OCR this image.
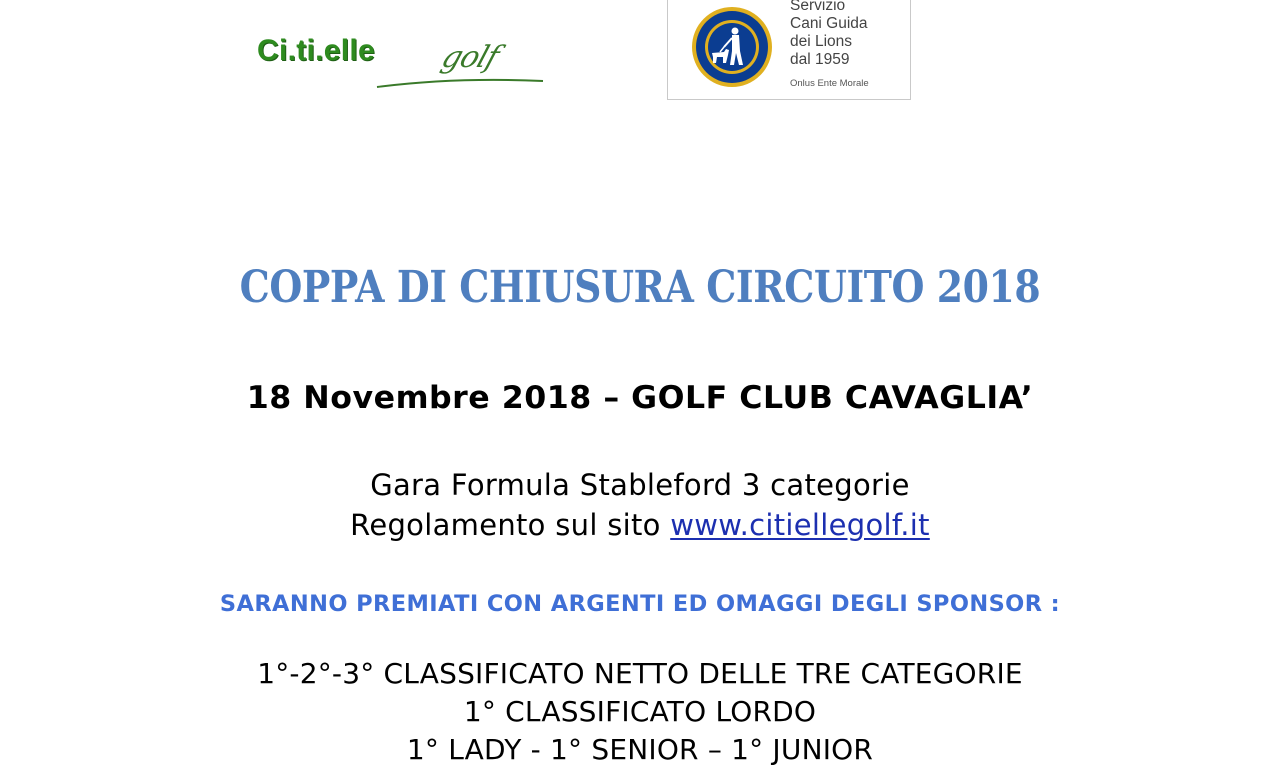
Ci.ti.elle golf
Servizio
Cani Guida
dei Lions
dal 1959
Onlus Ente Morale
COPPA DI CHIUSURA CIRCUITO 2018
18 Novembre 2018 – GOLF CLUB CAVAGLIA’
Gara Formula Stableford 3 categorie
Regolamento sul sito www.citiellegolf.it
SARANNO PREMIATI CON ARGENTI ED OMAGGI DEGLI SPONSOR :
1°-2°-3° CLASSIFICATO NETTO DELLE TRE CATEGORIE
1° CLASSIFICATO LORDO
1° LADY - 1° SENIOR – 1° JUNIOR
